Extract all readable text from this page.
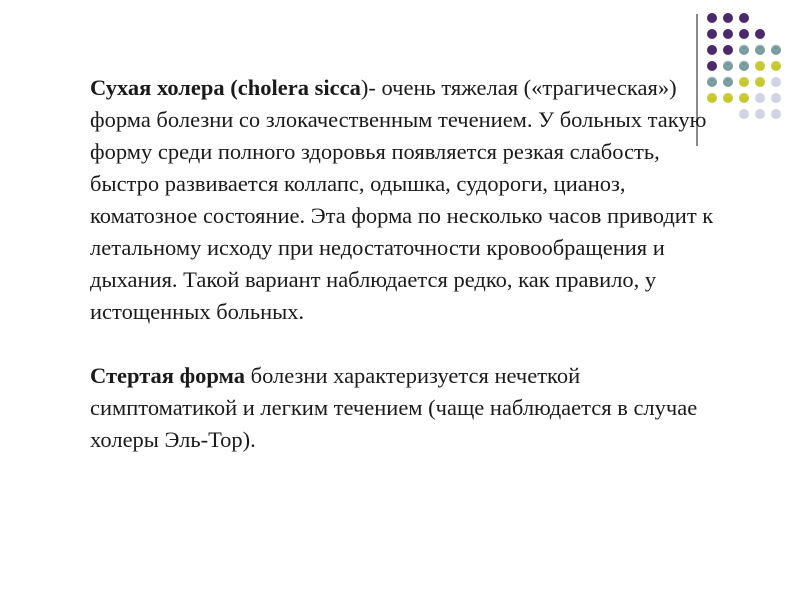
Сухая холера (cholera sicca)- очень тяжелая («трагическая») форма болезни со злокачественным течением. У больных такую форму среди полного здоровья появляется резкая слабость, быстро развивается коллапс, одышка, судороги, цианоз, коматозное состояние. Эта форма по несколько часов приводит к летальному исходу при недостаточности кровообращения и дыхания. Такой вариант наблюдается редко, как правило, у истощенных больных.

Стертая форма болезни характеризуется нечеткой симптоматикой и легким течением (чаще наблюдается в случае холеры Эль-Тор).
